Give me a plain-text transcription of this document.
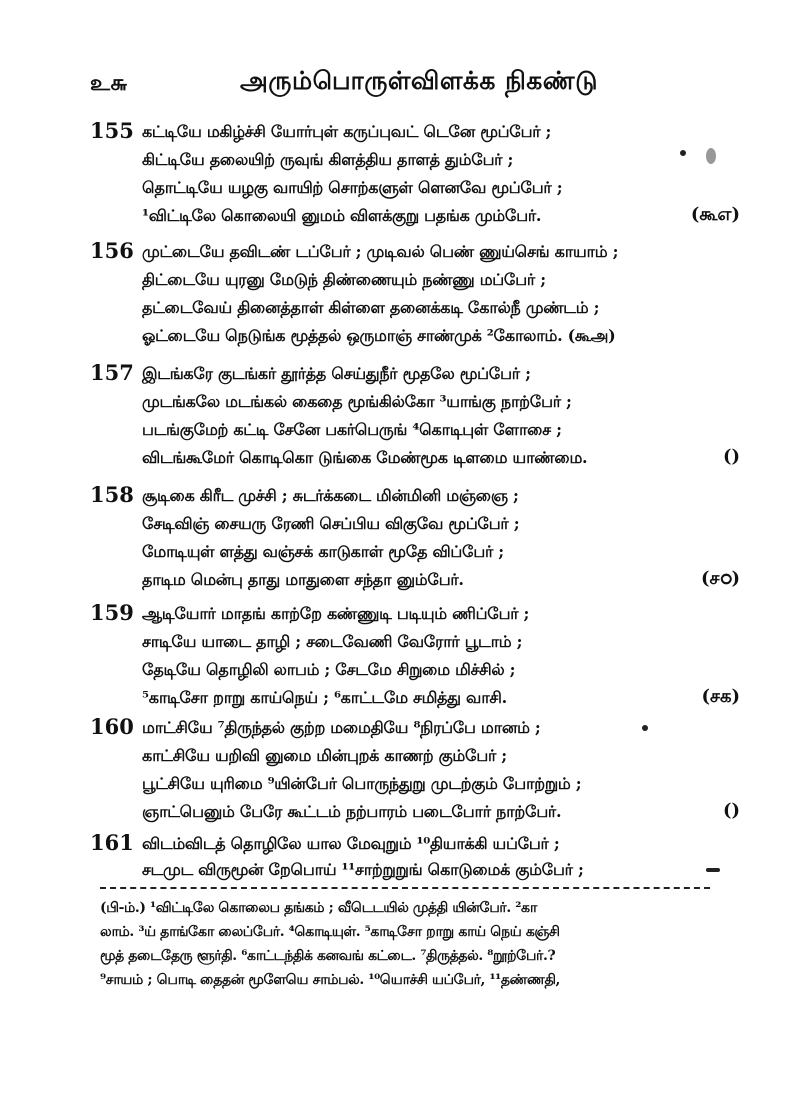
உ௬	அரும்பொருள்விளக்க நிகண்டு
155 கட்டியே மகிழ்ச்சி யோர்புள் கருப்புவட் டெனே மூப்பேர் ;
கிட்டியே தலையிற் ருவுங் கிளத்திய தாளத் தும்பேர் ;
தொட்டியே யழகு வாயிற் சொற்களுள் ளெனவே மூப்பேர் ;
¹விட்டிலே கொலையி னுமம் விளக்குறு பதங்க மும்பேர்.	(கூஎ)
156 முட்டையே தவிடண் டப்பேர் ; முடிவல் பெண் ணுய்செங் காயாம் ;
திட்டையே யுரனு மேடுந் திண்ணையும் நண்ணு மப்பேர் ;
தட்டைவேய் தினைத்தாள் கிள்ளை தனைக்கடி கோல்நீ முண்டம் ;
ஓட்டையே நெடுங்க மூத்தல் ஒருமாஞ் சாண்முக் ²கோலாம். (கூஅ)
157 இடங்கரே குடங்கர் தூர்த்த செய்துநீர் மூதலே மூப்பேர் ;
முடங்கலே மடங்கல் கைதை மூங்கில்கோ ³யாங்கு நாற்பேர் ;
படங்குமேற் கட்டி சேனே பகர்பெருங் ⁴கொடிபுள் ளோசை ;
விடங்கூமேர் கொடிகொ டுங்கை மேண்மூக டிளமை யாண்மை.	()
158 சூடிகை கிரீட முச்சி ; சுடர்க்கடை மின்மினி மஞ்ஞை ;
சேடிவிஞ் சையரு ரேணி செப்பிய விகுவே மூப்பேர் ;
மோடியுள் ளத்து வஞ்சக் காடுகாள் மூதே விப்பேர் ;
தாடிம மென்பு தாது மாதுளை சந்தா னும்பேர்.	(சഠ)
159 ஆடியோர் மாதங் காற்றே கண்ணுடி படியும் ணிப்பேர் ;
சாடியே யாடை தாழி ; சடைவேணி வேரோர் பூடாம் ;
தேடியே தொழிலி லாபம் ; சேடமே சிறுமை மிச்சில் ;
⁵காடிசோ றாறு காய்நெய் ; ⁶காட்டமே சமித்து வாசி.	(சக)
160 மாட்சியே ⁷திருந்தல் குற்ற மமைதியே ⁸நிரப்பே மானம் ;
காட்சியே யறிவி னுமை மின்புறக் காணற் கும்பேர் ;
பூட்சியே யுரிமை ⁹யின்பேர் பொருந்துறு முடற்கும் போற்றும் ;
ஞாட்பெனும் பேரே கூட்டம் நற்பாரம் படைபோர் நாற்பேர்.	()
161 விடம்விடத் தொழிலே யால மேவுறும் ¹⁰தியாக்கி யப்பேர் ;
சடமுட விருமூன் றேபொய் ¹¹சாற்றுறுங் கொடுமைக் கும்பேர் ;
(பி-ம்.) ¹விட்டிலே கொலைப தங்கம் ; வீடெடயில் முத்தி யின்பேர். ²கா
லாம். ³ய் தாங்கோ லைப்பேர். ⁴கொடியுள். ⁵காடிசோ றாறு காய் நெய் கஞ்சி
மூத் தடைதேரு ளூர்தி. ⁶காட்டந்திக் கனவங் கட்டை. ⁷திருத்தல். ⁸றூற்பேர்.?
⁹சாயம் ; பொடி தைதன் மூளேயெ சாம்பல். ¹⁰யொச்சி யப்பேர், ¹¹தண்ணதி,
